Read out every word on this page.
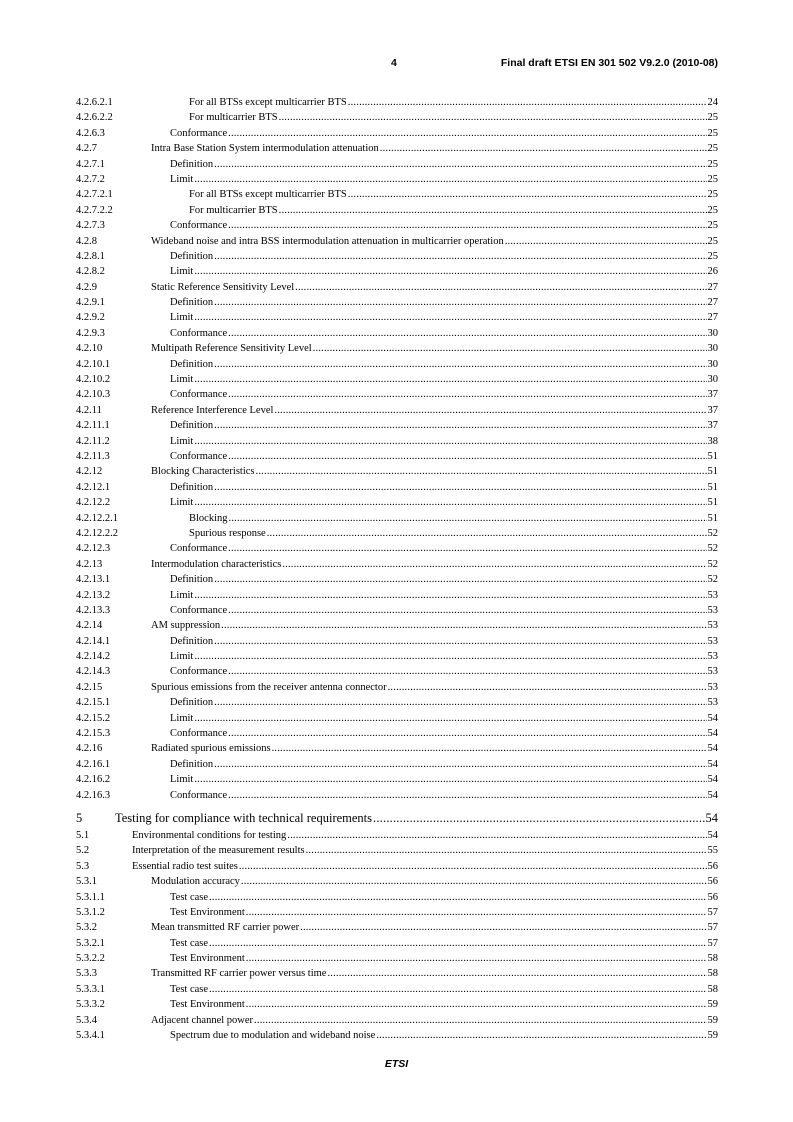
4	Final draft ETSI EN 301 502 V9.2.0 (2010-08)
4.2.6.2.1	For all BTSs except multicarrier BTS .....	24
4.2.6.2.2	For multicarrier BTS .....	25
4.2.6.3	Conformance .....	25
4.2.7	Intra Base Station System intermodulation attenuation .....	25
4.2.7.1	Definition .....	25
4.2.7.2	Limit .....	25
4.2.7.2.1	For all BTSs except multicarrier BTS .....	25
4.2.7.2.2	For multicarrier BTS .....	25
4.2.7.3	Conformance .....	25
4.2.8	Wideband noise and intra BSS intermodulation attenuation in multicarrier operation .....	25
4.2.8.1	Definition .....	25
4.2.8.2	Limit .....	26
4.2.9	Static Reference Sensitivity Level .....	27
4.2.9.1	Definition .....	27
4.2.9.2	Limit .....	27
4.2.9.3	Conformance .....	30
4.2.10	Multipath Reference Sensitivity Level .....	30
4.2.10.1	Definition .....	30
4.2.10.2	Limit .....	30
4.2.10.3	Conformance .....	37
4.2.11	Reference Interference Level .....	37
4.2.11.1	Definition .....	37
4.2.11.2	Limit .....	38
4.2.11.3	Conformance .....	51
4.2.12	Blocking Characteristics .....	51
4.2.12.1	Definition .....	51
4.2.12.2	Limit .....	51
4.2.12.2.1	Blocking .....	51
4.2.12.2.2	Spurious response .....	52
4.2.12.3	Conformance .....	52
4.2.13	Intermodulation characteristics .....	52
4.2.13.1	Definition .....	52
4.2.13.2	Limit .....	53
4.2.13.3	Conformance .....	53
4.2.14	AM suppression .....	53
4.2.14.1	Definition .....	53
4.2.14.2	Limit .....	53
4.2.14.3	Conformance .....	53
4.2.15	Spurious emissions from the receiver antenna connector .....	53
4.2.15.1	Definition .....	53
4.2.15.2	Limit .....	54
4.2.15.3	Conformance .....	54
4.2.16	Radiated spurious emissions .....	54
4.2.16.1	Definition .....	54
4.2.16.2	Limit .....	54
4.2.16.3	Conformance .....	54
5	Testing for compliance with technical requirements .....	54
5.1	Environmental conditions for testing .....	54
5.2	Interpretation of the measurement results .....	55
5.3	Essential radio test suites .....	56
5.3.1	Modulation accuracy .....	56
5.3.1.1	Test case .....	56
5.3.1.2	Test Environment .....	57
5.3.2	Mean transmitted RF carrier power .....	57
5.3.2.1	Test case .....	57
5.3.2.2	Test Environment .....	58
5.3.3	Transmitted RF carrier power versus time .....	58
5.3.3.1	Test case .....	58
5.3.3.2	Test Environment .....	59
5.3.4	Adjacent channel power .....	59
5.3.4.1	Spectrum due to modulation and wideband noise .....	59
ETSI
